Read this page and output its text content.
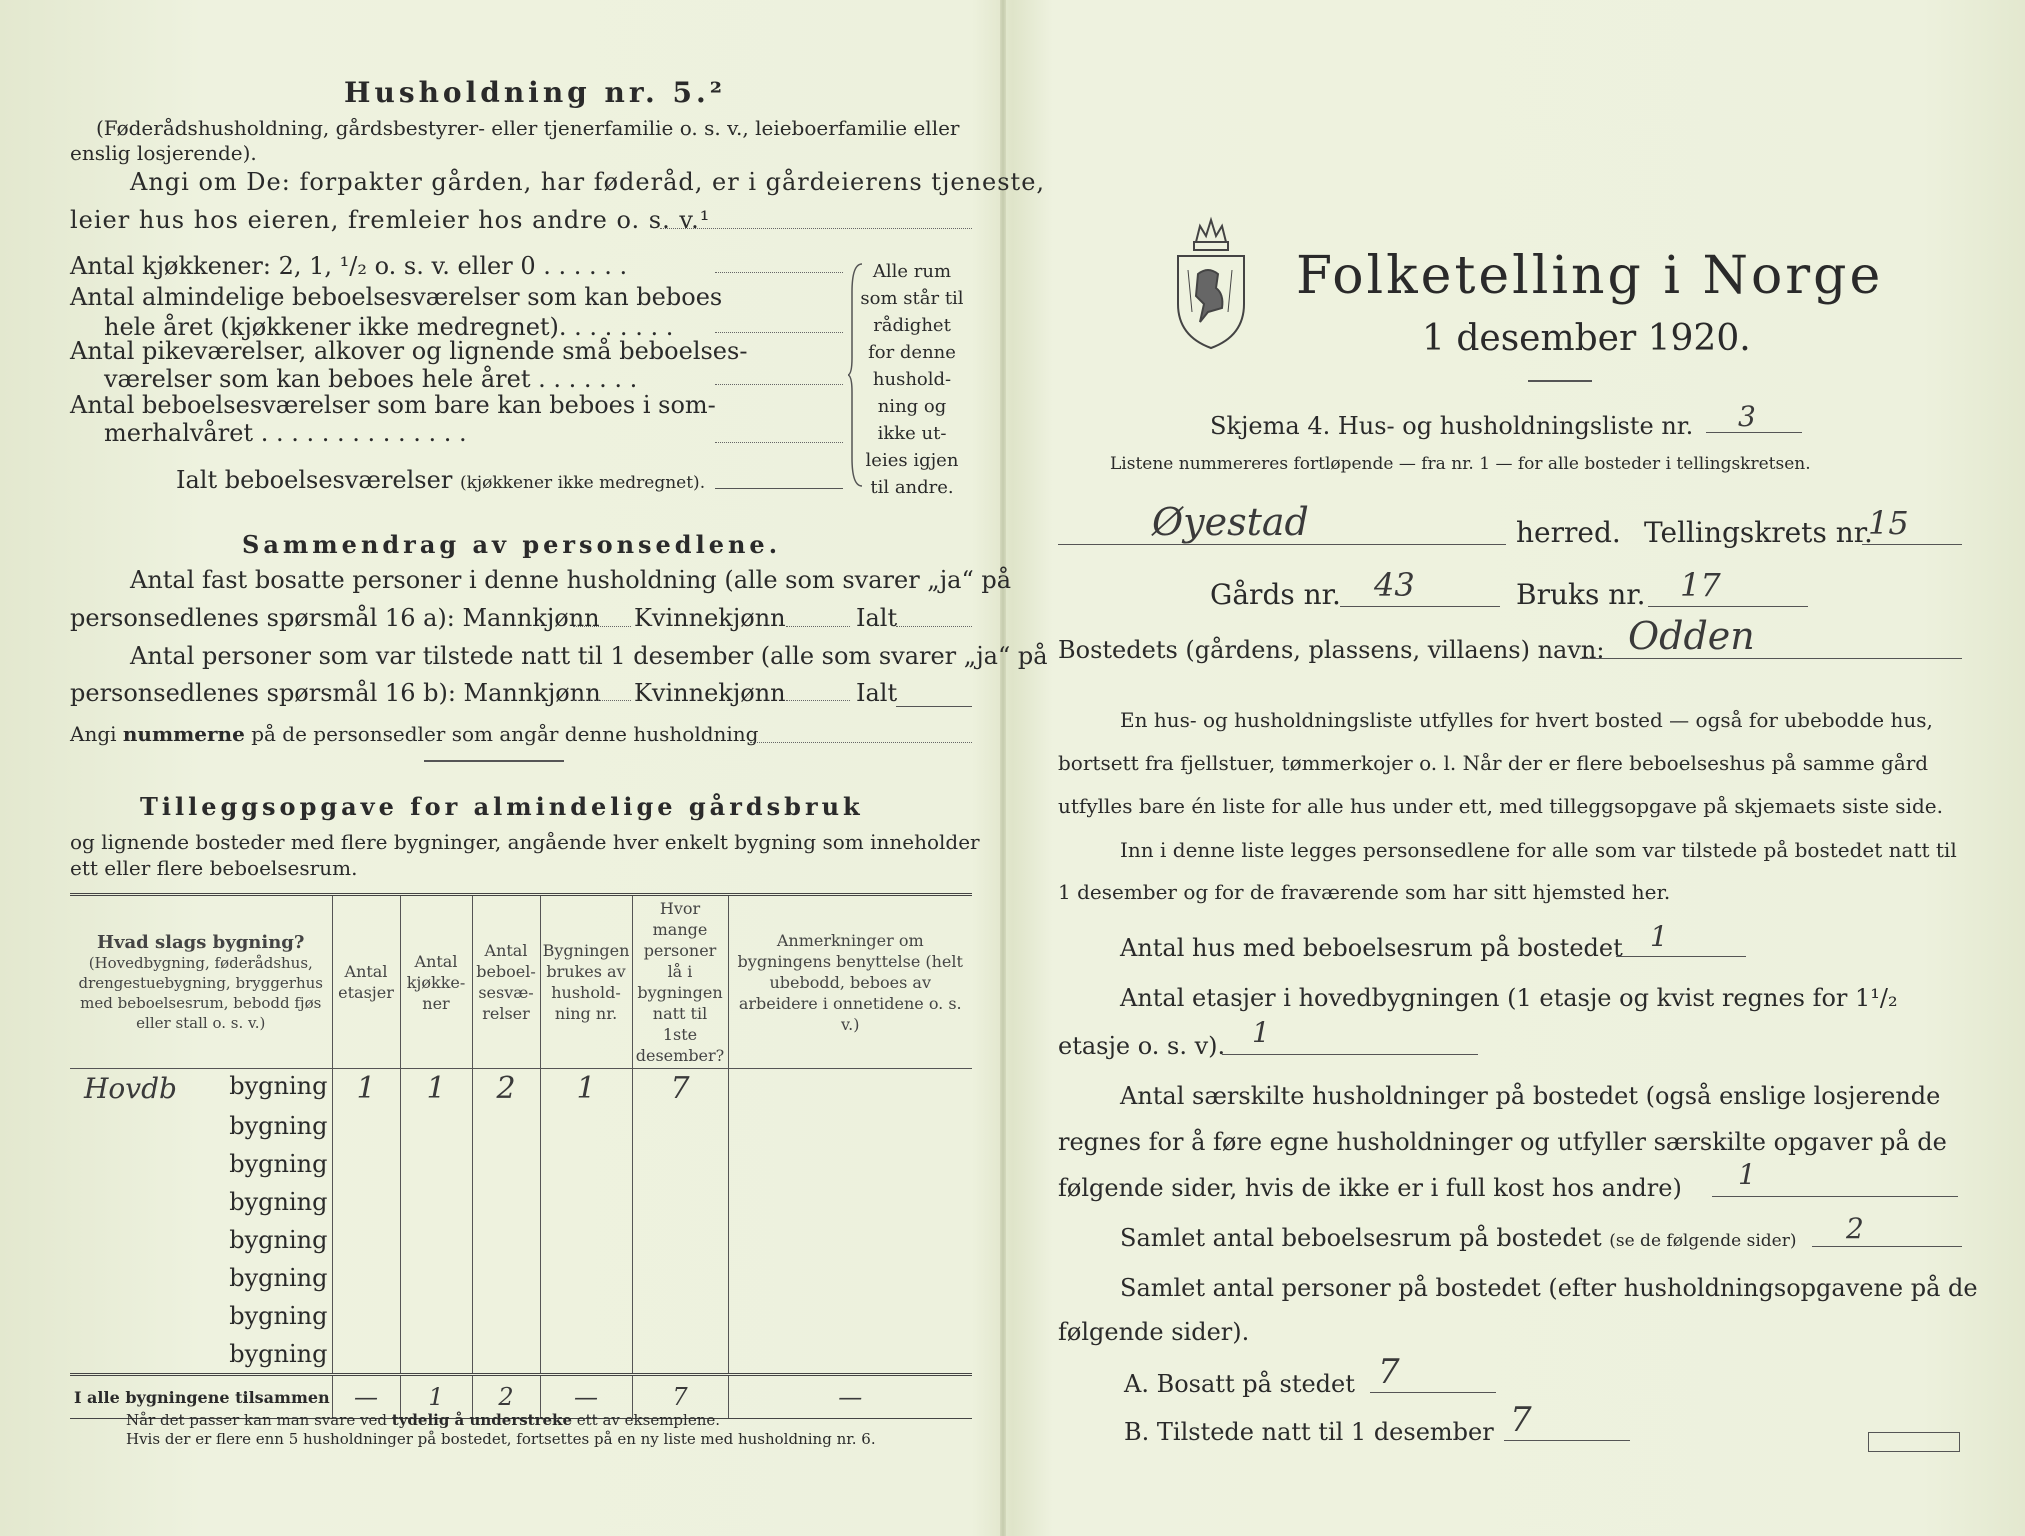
Husholdning nr. 5.²
(Føderådshusholdning, gårdsbestyrer- eller tjenerfamilie o. s. v., leieboerfamilie eller
enslig losjerende).
Angi om De: forpakter gården, har føderåd, er i gårdeierens tjeneste,
leier hus hos eieren, fremleier hos andre o. s. v.¹
Antal kjøkkener: 2, 1, ¹/₂ o. s. v. eller 0 . . . . . .
Antal almindelige beboelsesværelser som kan beboes
hele året (kjøkkener ikke medregnet). . . . . . . .
Antal pikeværelser, alkover og lignende små beboelses-
værelser som kan beboes hele året . . . . . . .
Antal beboelsesværelser som bare kan beboes i som-
merhalvåret . . . . . . . . . . . . . .
Ialt beboelsesværelser (kjøkkener ikke medregnet).
Alle rum
som står til
rådighet
for denne
hushold-
ning og
ikke ut-
leies igjen
til andre.
Sammendrag av personsedlene.
Antal fast bosatte personer i denne husholdning (alle som svarer „ja“ på
personsedlenes spørsmål 16 a): Mannkjønn Kvinnekjønn	Ialt
Antal personer som var tilstede natt til 1 desember (alle som svarer „ja“ på
personsedlenes spørsmål 16 b): Mannkjønn Kvinnekjønn	Ialt
Angi nummerne på de personsedler som angår denne husholdning
Tilleggsopgave for almindelige gårdsbruk
og lignende bosteder med flere bygninger, angående hver enkelt bygning som inneholder
ett eller flere beboelsesrum.
Hvad slags bygning?
(Hovedbygning, føderådshus, drengestuebygning, bryggerhus med beboelsesrum, bebodd fjøs eller stall o. s. v.)	Antal etasjer	Antal kjøkke-ner	Antal beboel-sesvæ-relser	Bygningen brukes av hushold-ning nr.	Hvor mange personer lå i bygningen natt til 1ste desember?	Anmerkninger om bygningens benyttelse (helt ubebodd, beboes av arbeidere i onnetidene o. s. v.)

Hovdb bygning	1	1	2	1	7	

bygning						

bygning						

bygning						

bygning						

bygning						

bygning						

bygning						
I alle bygningene tilsammen	—	1	2	—	7	—
Når det passer kan man svare ved tydelig å understreke ett av eksemplene.
Hvis der er flere enn 5 husholdninger på bostedet, fortsettes på en ny liste med husholdning nr. 6.
Folketelling i Norge
1 desember 1920.
Skjema 4. Hus- og husholdningsliste nr. 3
Listene nummereres fortløpende — fra nr. 1 — for alle bosteder i tellingskretsen.
Øyestad	herred. Tellingskrets nr.
15
Gårds nr. 43	Bruks nr. 17
Bostedets (gårdens, plassens, villaens) navn: Odden
En hus- og husholdningsliste utfylles for hvert bosted — også for ubebodde hus,
bortsett fra fjellstuer, tømmerkojer o. l. Når der er flere beboelseshus på samme gård
utfylles bare én liste for alle hus under ett, med tilleggsopgave på skjemaets siste side.
Inn i denne liste legges personsedlene for alle som var tilstede på bostedet natt til
1 desember og for de fraværende som har sitt hjemsted her.
Antal hus med beboelsesrum på bostedet 1
Antal etasjer i hovedbygningen (1 etasje og kvist regnes for 1¹/₂
etasje o. s. v). 1
Antal særskilte husholdninger på bostedet (også enslige losjerende
regnes for å føre egne husholdninger og utfyller særskilte opgaver på de
følgende sider, hvis de ikke er i full kost hos andre) 1
Samlet antal beboelsesrum på bostedet (se de følgende sider) 2
Samlet antal personer på bostedet (efter husholdningsopgavene på de
følgende sider).
A. Bosatt på stedet 7
B. Tilstede natt til 1 desember 7
